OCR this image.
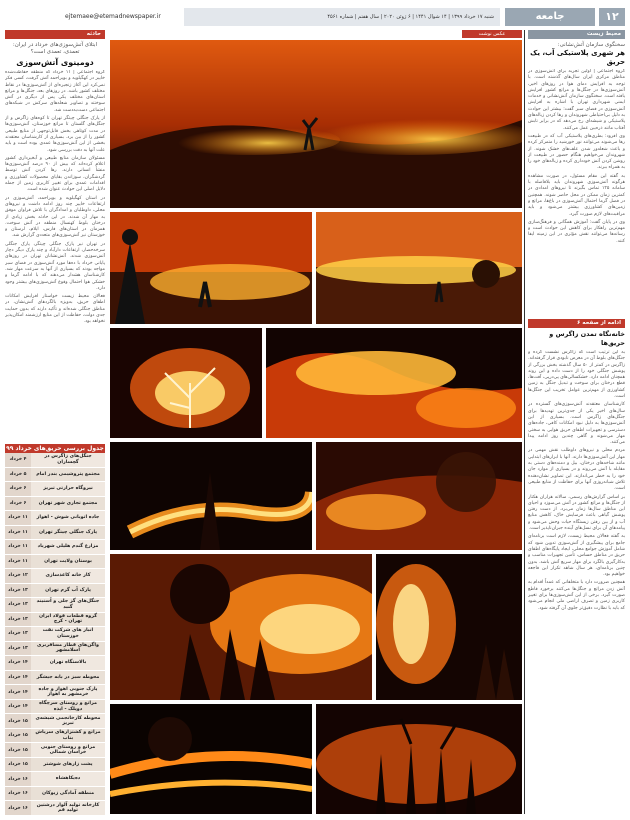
۱۲
جامعه
شنبه ۱۷ خرداد ۱۳۹۹ | ۱۴ شوال ۱۴۴۱ | ۶ ژوئن ۲۰۲۰ | سال هفتم | شماره ۴۵۶۱
ejtemaee@etemadnewspaper.ir
محیط زیست
سخنگوی سازمان آتش‌نشانی:
هر شهری پلاستیکی آب، یک حریق

گروه اجتماعی | اولین تجربه برای آتش‌سوزی در مناطق مرکزی ایران سال‌های گذشته است. با توجه به افزایش دمای هوا در روزهای اخیر، آتش‌سوزی‌ها در جنگل‌ها و مراتع کشور افزایش یافته است. سخنگوی سازمان آتش‌نشانی و خدمات ایمنی شهرداری تهران با اشاره به افزایش آتش‌سوزی در فضای سبز گفت: بیشتر این حوادث به دلیل بی‌احتیاطی شهروندان و رها کردن زباله‌های پلاستیکی و شیشه‌ای رخ می‌دهد که در برابر تابش آفتاب مانند ذره‌بین عمل می‌کنند.

وی افزود: بطری‌های پلاستیکی آب که در طبیعت رها می‌شوند می‌توانند نور خورشید را متمرکز کرده و باعث شعله‌ور شدن علف‌های خشک شوند. از شهروندان می‌خواهیم هنگام حضور در طبیعت از روشن کردن آتش خودداری کرده و زباله‌های خود را به همراه ببرند.

به گفته این مقام مسئول، در صورت مشاهده هرگونه آتش‌سوزی شهروندان باید بلافاصله با سامانه ۱۲۵ تماس بگیرند تا نیروهای امدادی در کمترین زمان ممکن در محل حاضر شوند. همچنین در فصل گرما احتمال آتش‌سوزی در باغ‌ها، مراتع و زمین‌های کشاورزی بیشتر می‌شود و باید مراقبت‌های لازم صورت گیرد.

وی در پایان گفت: آموزش همگانی و فرهنگ‌سازی مهم‌ترین راهکار برای کاهش این حوادث است و رسانه‌ها می‌توانند نقش مؤثری در این زمینه ایفا کنند.

ادامه از صفحه ۶
خانه‌نگاه تمدن زاگرس و حریق‌ها

به این ترتیب است که زاگرس نشست کرده و جنگل‌های بلوط آن در معرض نابودی قرار گرفته‌اند. زاگرس در کمتر از ۵۰ سال گذشته بخش بزرگی از پوشش جنگلی خود را از دست داده و این روند همچنان ادامه دارد. خشکسالی‌های پی‌درپی، آفت‌ها، قطع درختان برای سوخت و تبدیل جنگل به زمین کشاورزی از مهم‌ترین عوامل تخریب این جنگل‌ها است.

کارشناسان معتقدند آتش‌سوزی‌های گسترده در سال‌های اخیر یکی از جدی‌ترین تهدیدها برای جنگل‌های زاگرس است. بسیاری از این آتش‌سوزی‌ها به دلیل نبود امکانات کافی، جاده‌های دسترسی و تجهیزات اطفای حریق هوایی به سختی مهار می‌شوند و گاهی چندین روز ادامه پیدا می‌کنند.

مردم محلی و نیروهای داوطلب نقش مهمی در مهار این آتش‌سوزی‌ها دارند. آنها با ابزارهای ابتدایی مانند شاخه‌های درختان، بیل و دمنده‌های دستی به مقابله با آتش می‌روند و در بسیاری از موارد جان خود را به خطر می‌اندازند. این تصاویر نشان‌دهنده تلاش شبانه‌روزی آنها برای حفاظت از منابع طبیعی است.

بر اساس گزارش‌های رسمی، سالانه هزاران هکتار از جنگل‌ها و مراتع کشور در آتش می‌سوزد و احیای این مناطق سال‌ها زمان می‌برد. از دست رفتن پوشش گیاهی باعث فرسایش خاک، کاهش منابع آب و از بین رفتن زیستگاه حیات وحش می‌شود و پیامدهای آن برای نسل‌های آینده جبران‌ناپذیر است.

به گفته فعالان محیط زیست، لازم است برنامه‌ای جامع برای پیشگیری از آتش‌سوزی تدوین شود که شامل آموزش جوامع محلی، ایجاد پایگاه‌های اطفای حریق در مناطق حساس، تأمین تجهیزات مناسب و به‌کارگیری بالگرد برای مهار سریع آتش باشد. بدون چنین برنامه‌ای، هر سال شاهد تکرار این فاجعه خواهیم بود.

همچنین ضرورت دارد با متخلفانی که عمداً اقدام به آتش زدن مراتع و جنگل‌ها می‌کنند برخورد قاطع صورت گیرد. برخی از این آتش‌سوزی‌ها برای تغییر کاربری زمین و تصرف اراضی ملی انجام می‌شود که باید با نظارت دقیق‌تر جلوی آن گرفته شود.

حادثه
ابتلای آتش‌سوزی‌های خرداد در ایران: تعمدی‌، تعمدی است؟
دومینوی آتش‌سوزی

گروه اجتماعی | ۱۱ خرداد که منطقه حفاظت‌شده خاییز در کهگیلویه و بویراحمد آتش گرفت، کسی فکر نمی‌کرد این آغاز زنجیره‌ای از آتش‌سوزی‌ها در نقاط مختلف کشور باشد. در روزهای بعد، جنگل‌ها و مراتع استان‌های مختلف یکی پس از دیگری در آتش سوختند و تصاویر شعله‌های سرکش در شبکه‌های اجتماعی دست‌به‌دست شد.

از پارک جنگلی چیتگر تهران تا کوه‌های زاگرس و از جنگل‌های گلستان تا مراتع خوزستان، آتش‌سوزی‌ها در مدت کوتاهی بخش قابل‌توجهی از منابع طبیعی کشور را از بین برد. بسیاری از کارشناسان معتقدند بخشی از این آتش‌سوزی‌ها عمدی بوده است و باید علت آنها به دقت بررسی شود.

مسئولان سازمان منابع طبیعی و آبخیزداری کشور اعلام کرده‌اند که بیش از ۹۰ درصد آتش‌سوزی‌ها منشأ انسانی دارند. رها کردن آتش توسط گردشگران، سوزاندن بقایای محصولات کشاورزی و اقدامات عمدی برای تغییر کاربری زمین از جمله دلایل اصلی این حوادث عنوان شده است.

در استان کهگیلویه و بویراحمد، آتش‌سوزی در ارتفاعات خاییز چند روز ادامه داشت و نیروهای محلی، داوطلبان و امدادگران با تلاش فراوان موفق به مهار آن شدند. در این حادثه بخش زیادی از درختان بلوط کهنسال منطقه در آتش سوخت. همزمان در استان‌های فارس، ایلام، لرستان و خوزستان نیز آتش‌سوزی‌های متعددی گزارش شد.

در تهران نیز پارک جنگلی چیتگر، پارک جنگلی سرخه‌حصار، ارتفاعات دارآباد و چند پارک دیگر دچار آتش‌سوزی شدند. آتش‌نشانان تهران در روزهای پایانی خرداد با ده‌ها مورد آتش‌سوزی در فضای سبز مواجه بودند که بسیاری از آنها به سرعت مهار شد. کارشناسان هشدار می‌دهند که با ادامه گرما و خشکی هوا احتمال وقوع آتش‌سوزی‌های بیشتر وجود دارد.

فعالان محیط زیست خواستار افزایش امکانات اطفای حریق، به‌ویژه بالگردهای آتش‌نشان، در مناطق جنگلی شده‌اند و تأکید دارند که بدون حمایت جدی دولت، حفاظت از این منابع ارزشمند امکان‌پذیر نخواهد بود.

جدول بررسی حریق‌های خرداد ۹۹
جنگل‌های زاگرس در گچساران
۴ خرداد
مجتمع پتروشیمی بندر امام
۵ خرداد
نیروگاه حرارتی تبریز
۶ خرداد
مجتمع تجاری شهر تهران
۶ خرداد
جاده اتوبانی شوش - اهواز
۱۱ خرداد
پارک جنگلی چیتگر تهران
۱۱ خرداد
مزارع گندم هلیلی شهرباد
۱۱ خرداد
بوستان ولایت تهران
۱۱ خرداد
کار خانه کاغذسازی
۱۲ خرداد
پارک آب گرم تهران
۱۳ خرداد
جنگل‌های گز جلی و آسنیند گنبد
۱۳ خرداد
گروه قطعات فولاد ایران تهران - کرج
۱۳ خرداد
انبار های شرکت نفت خوزستان
۱۳ خرداد
واگن‌های قطار مسافربری اسلامشهر
۱۳ خرداد
بالاستگاه تهران
۱۴ خرداد
محوطه سبز در بابه جیشگر
۱۴ خرداد
پارک جنوبی اهواز و جاده خرمشهر به اهواز
۱۴ خرداد
مراتع و روستای سرچگاه دوپلک - ایذه
۱۴ خرداد
محوطه کارخانجمی شیشه‌ی تبریز
۱۵ خرداد
مراتع و کشتزارهای سرباش بناب
۱۵ خرداد
مراتع و روستای جنوبی خراسان شمالی
۱۵ خرداد
پشت زارهای شوشتر
۱۵ خرداد
ده‌یکاهشاه
۱۶ خرداد
منطقه آمادگی زیوکان
۱۶ خرداد
کارخانه تولید آلوار درشتین تولید قم
۱۶ خرداد
عکس نوشت
